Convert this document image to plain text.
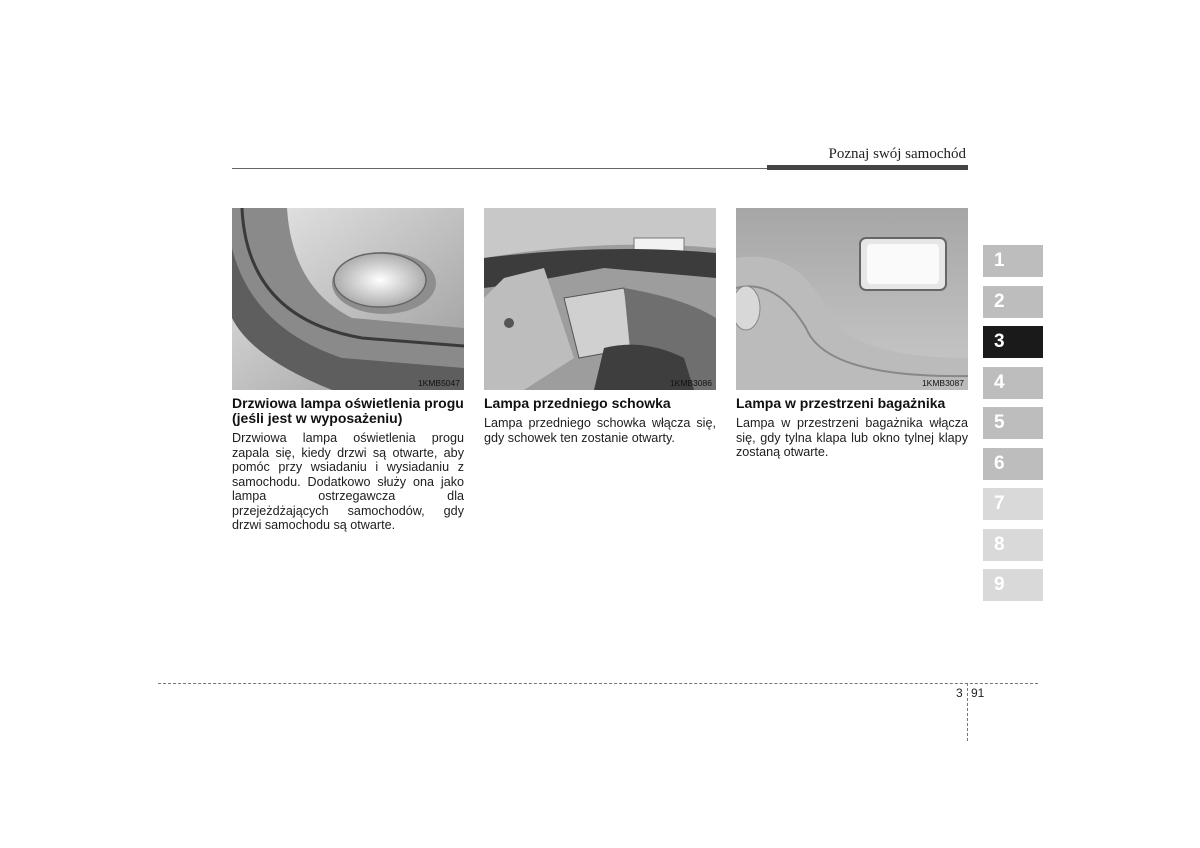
Poznaj swój samochód
1KMB5047
Drzwiowa lampa oświetlenia progu (jeśli jest w wyposażeniu)
Drzwiowa lampa oświetlenia progu zapala się, kiedy drzwi są otwarte, aby pomóc przy wsiadaniu i wysiadaniu z samochodu. Dodatkowo służy ona jako lampa ostrzegawcza dla przejeżdżających samochodów, gdy drzwi samochodu są otwarte.
1KMB3086
Lampa przedniego schowka
Lampa przedniego schowka włącza się, gdy schowek ten zostanie otwarty.
1KMB3087
Lampa w przestrzeni bagażnika
Lampa w przestrzeni bagażnika włącza się, gdy tylna klapa lub okno tylnej klapy zostaną otwarte.
1
2
3
4
5
6
7
8
9
3 91
